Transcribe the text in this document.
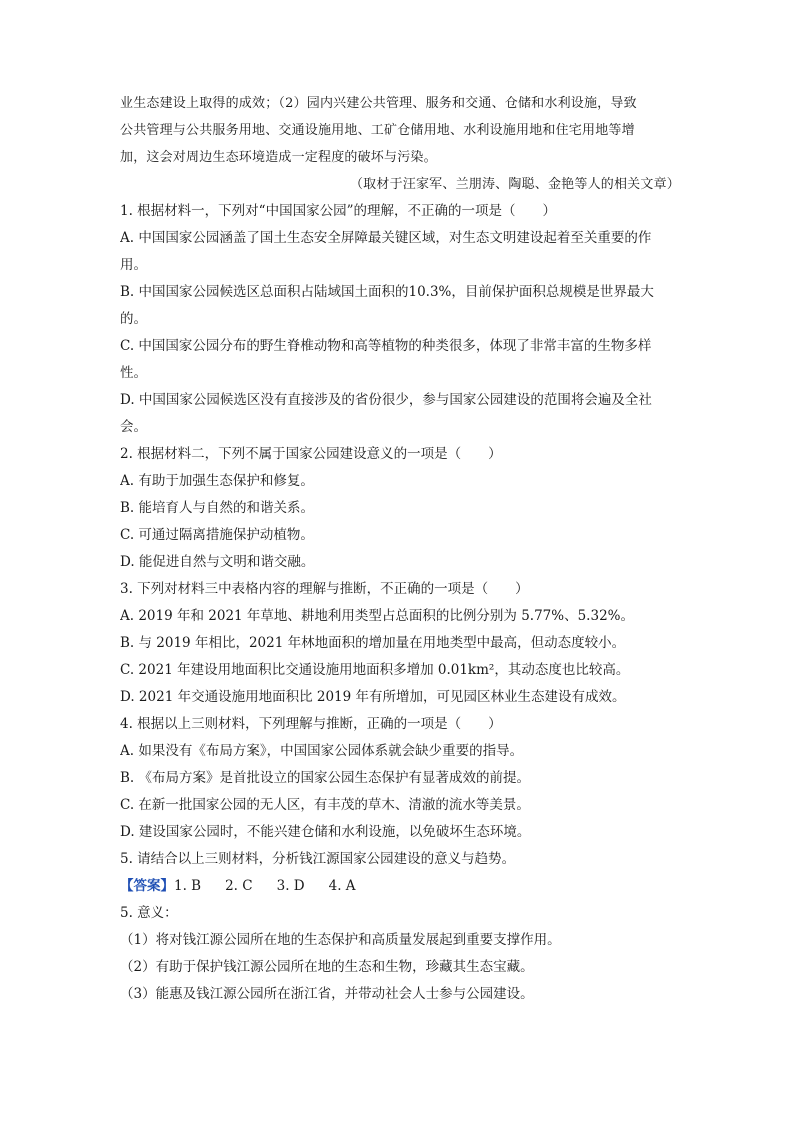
业生态建设上取得的成效；（2）园内兴建公共管理、服务和交通、仓储和水利设施，导致
公共管理与公共服务用地、交通设施用地、工矿仓储用地、水利设施用地和住宅用地等增
加，这会对周边生态环境造成一定程度的破坏与污染。
（取材于汪家军、兰朋涛、陶聪、金艳等人的相关文章）
1. 根据材料一，下列对“中国国家公园”的理解，不正确的一项是（　　）
A. 中国国家公园涵盖了国土生态安全屏障最关键区域，对生态文明建设起着至关重要的作
用。
B. 中国国家公园候选区总面积占陆域国土面积的10.3%，目前保护面积总规模是世界最大
的。
C. 中国国家公园分布的野生脊椎动物和高等植物的种类很多，体现了非常丰富的生物多样
性。
D. 中国国家公园候选区没有直接涉及的省份很少，参与国家公园建设的范围将会遍及全社
会。
2. 根据材料二，下列不属于国家公园建设意义的一项是（　　）
A. 有助于加强生态保护和修复。
B. 能培育人与自然的和谐关系。
C. 可通过隔离措施保护动植物。
D. 能促进自然与文明和谐交融。
3. 下列对材料三中表格内容的理解与推断，不正确的一项是（　　）
A. 2019 年和 2021 年草地、耕地利用类型占总面积的比例分别为 5.77%、5.32%。
B. 与 2019 年相比，2021 年林地面积的增加量在用地类型中最高，但动态度较小。
C. 2021 年建设用地面积比交通设施用地面积多增加 0.01km²，其动态度也比较高。
D. 2021 年交通设施用地面积比 2019 年有所增加，可见园区林业生态建设有成效。
4. 根据以上三则材料，下列理解与推断，正确的一项是（　　）
A. 如果没有《布局方案》，中国国家公园体系就会缺少重要的指导。
B. 《布局方案》是首批设立的国家公园生态保护有显著成效的前提。
C. 在新一批国家公园的无人区，有丰茂的草木、清澈的流水等美景。
D. 建设国家公园时，不能兴建仓储和水利设施，以免破坏生态环境。
5. 请结合以上三则材料，分析钱江源国家公园建设的意义与趋势。
【答案】1. B 2. C 3. D 4. A
5. 意义：
（1）将对钱江源公园所在地的生态保护和高质量发展起到重要支撑作用。
（2）有助于保护钱江源公园所在地的生态和生物，珍藏其生态宝藏。
（3）能惠及钱江源公园所在浙江省，并带动社会人士参与公园建设。
